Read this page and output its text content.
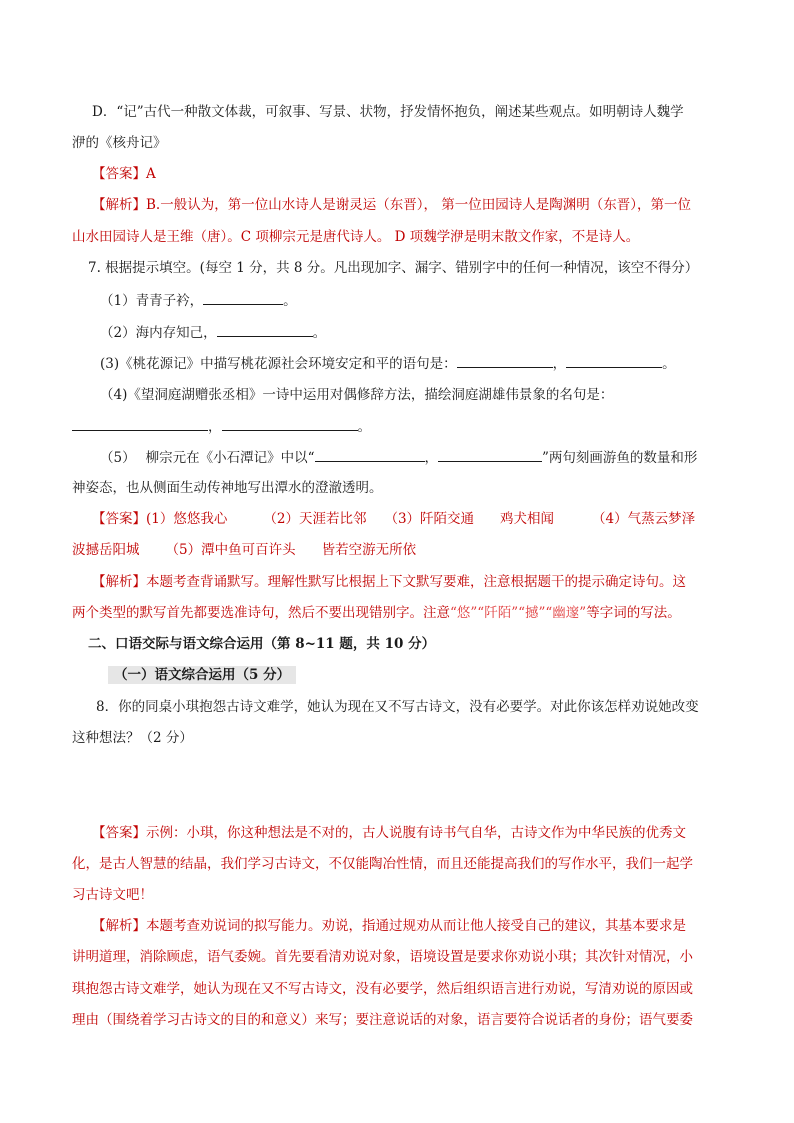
D．“记”古代一种散文体裁，可叙事、写景、状物，抒发情怀抱负，阐述某些观点。如明朝诗人魏学
洢的《核舟记》
【答案】A
【解析】B.一般认为，第一位山水诗人是谢灵运（东晋）， 第一位田园诗人是陶渊明（东晋），第一位
山水田园诗人是王维（唐）。C 项柳宗元是唐代诗人。 D 项魏学洢是明末散文作家，不是诗人。
7. 根据提示填空。(每空 1 分，共 8 分。凡出现加字、漏字、错别字中的任何一种情况，该空不得分）
（1）青青子衿，	。
（2）海内存知己，	。
(3)《桃花源记》中描写桃花源社会环境安定和平的语句是：	，	。
（4)《望洞庭湖赠张丞相》一诗中运用对偶修辞方法，描绘洞庭湖雄伟景象的名句是：
，	。
（5） 柳宗元在《小石潭记》中以“	，	”两句刻画游鱼的数量和形
神姿态，也从侧面生动传神地写出潭水的澄澈透明。
【答案】(1）悠悠我心	（2）天涯若比邻 （3）阡陌交通 鸡犬相闻	（4）气蒸云梦泽
波撼岳阳城 （5）潭中鱼可百许头 皆若空游无所依
【解析】本题考查背诵默写。理解性默写比根据上下文默写要难，注意根据题干的提示确定诗句。这
两个类型的默写首先都要选准诗句，然后不要出现错别字。注意“悠”“阡陌”“撼”“幽邃”等字词的写法。
二、口语交际与语文综合运用（第 8~11 题，共 10 分）
（一）语文综合运用（5 分）
8．你的同桌小琪抱怨古诗文难学，她认为现在又不写古诗文，没有必要学。对此你该怎样劝说她改变
这种想法？（2 分）
【答案】示例：小琪，你这种想法是不对的，古人说腹有诗书气自华，古诗文作为中华民族的优秀文
化，是古人智慧的结晶，我们学习古诗文，不仅能陶冶性情，而且还能提高我们的写作水平，我们一起学
习古诗文吧！
【解析】本题考查劝说词的拟写能力。劝说，指通过规劝从而让他人接受自己的建议，其基本要求是
讲明道理，消除顾虑，语气委婉。首先要看清劝说对象，语境设置是要求你劝说小琪；其次针对情况，小
琪抱怨古诗文难学，她认为现在又不写古诗文，没有必要学，然后组织语言进行劝说，写清劝说的原因或
理由（围绕着学习古诗文的目的和意义）来写；要注意说话的对象，语言要符合说话者的身份；语气要委
